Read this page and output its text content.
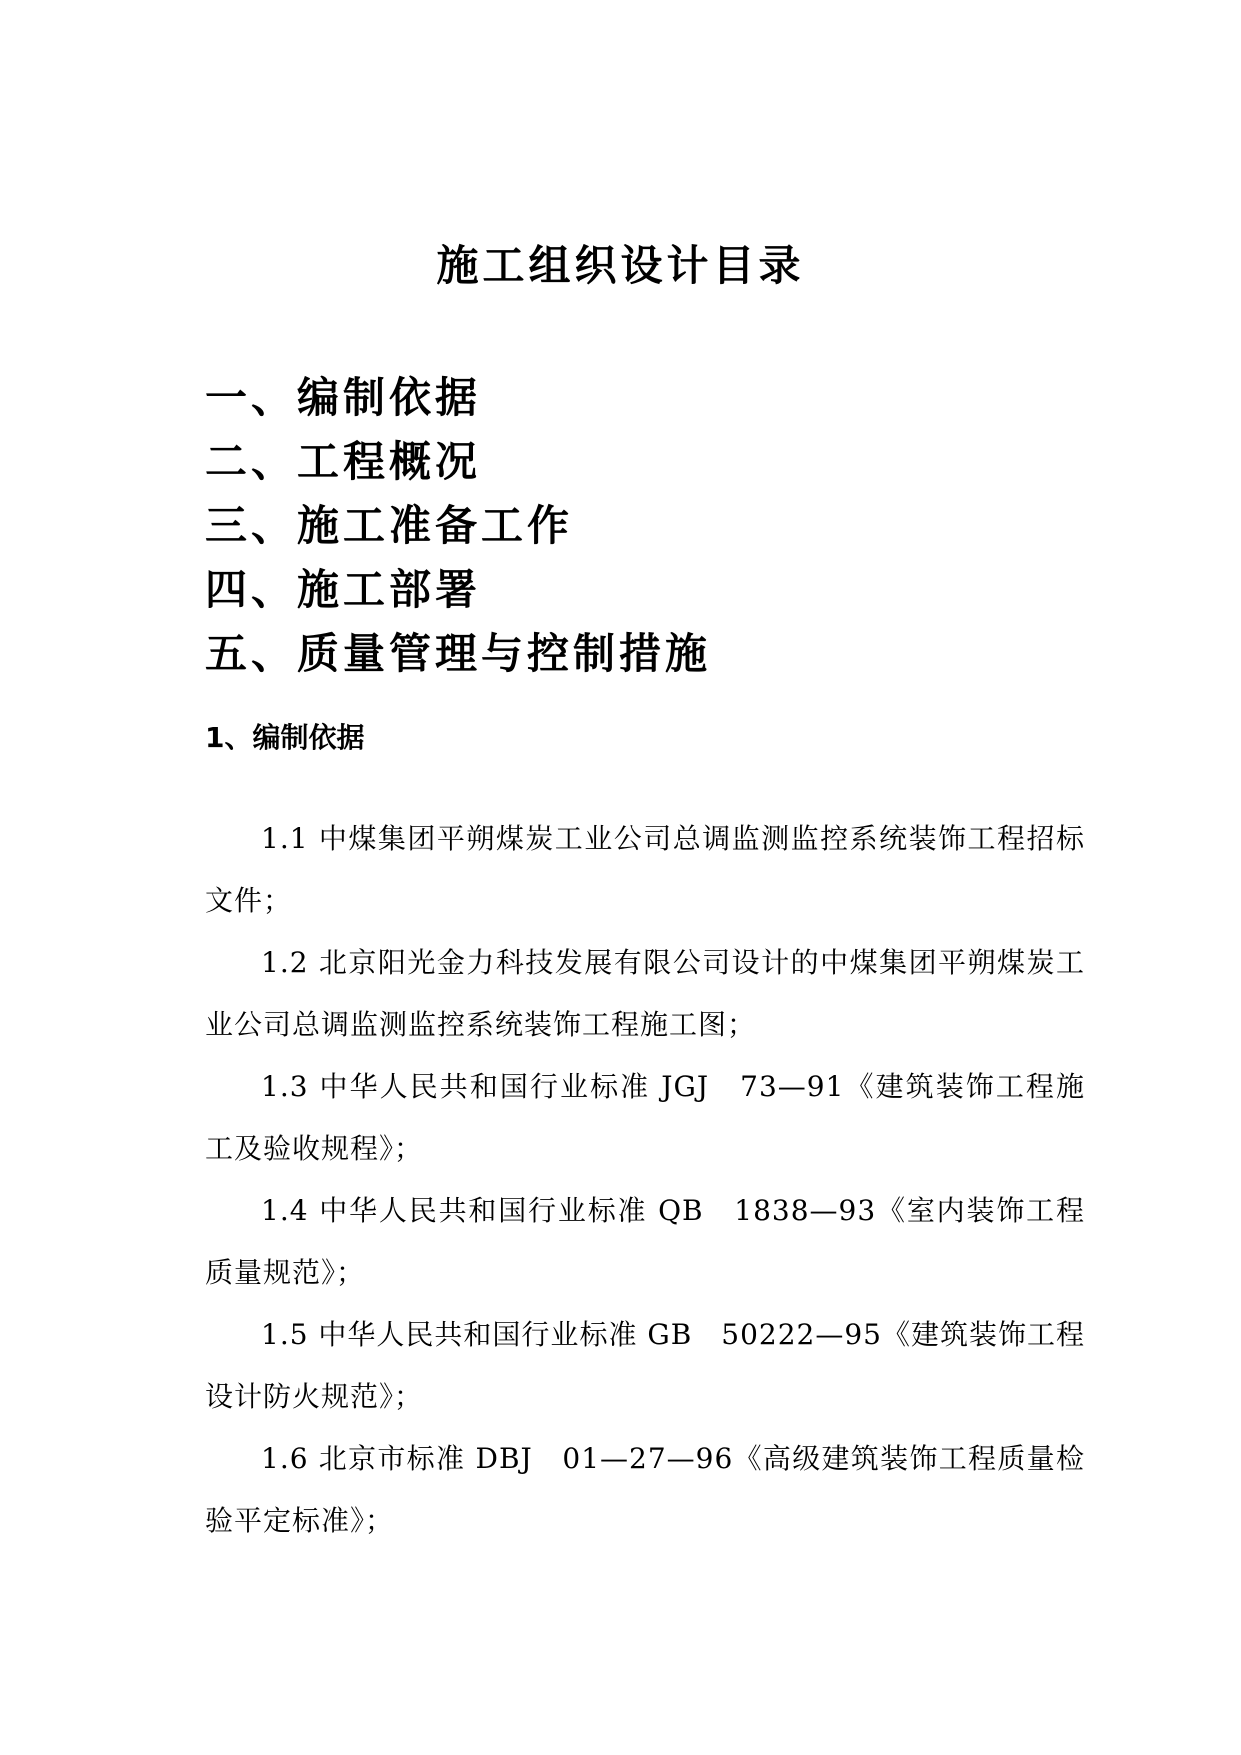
施工组织设计目录
一、编制依据
二、工程概况
三、施工准备工作
四、施工部署
五、质量管理与控制措施
1、编制依据

1.1 中煤集团平朔煤炭工业公司总调监测监控系统装饰工程招标文件；

1.2 北京阳光金力科技发展有限公司设计的中煤集团平朔煤炭工业公司总调监测监控系统装饰工程施工图；

1.3 中华人民共和国行业标准 JGJ　73—91《建筑装饰工程施工及验收规程》；

1.4 中华人民共和国行业标准 QB　1838—93《室内装饰工程质量规范》；

1.5 中华人民共和国行业标准 GB　50222—95《建筑装饰工程设计防火规范》；

1.6 北京市标准 DBJ　01—27—96《高级建筑装饰工程质量检验平定标准》；
